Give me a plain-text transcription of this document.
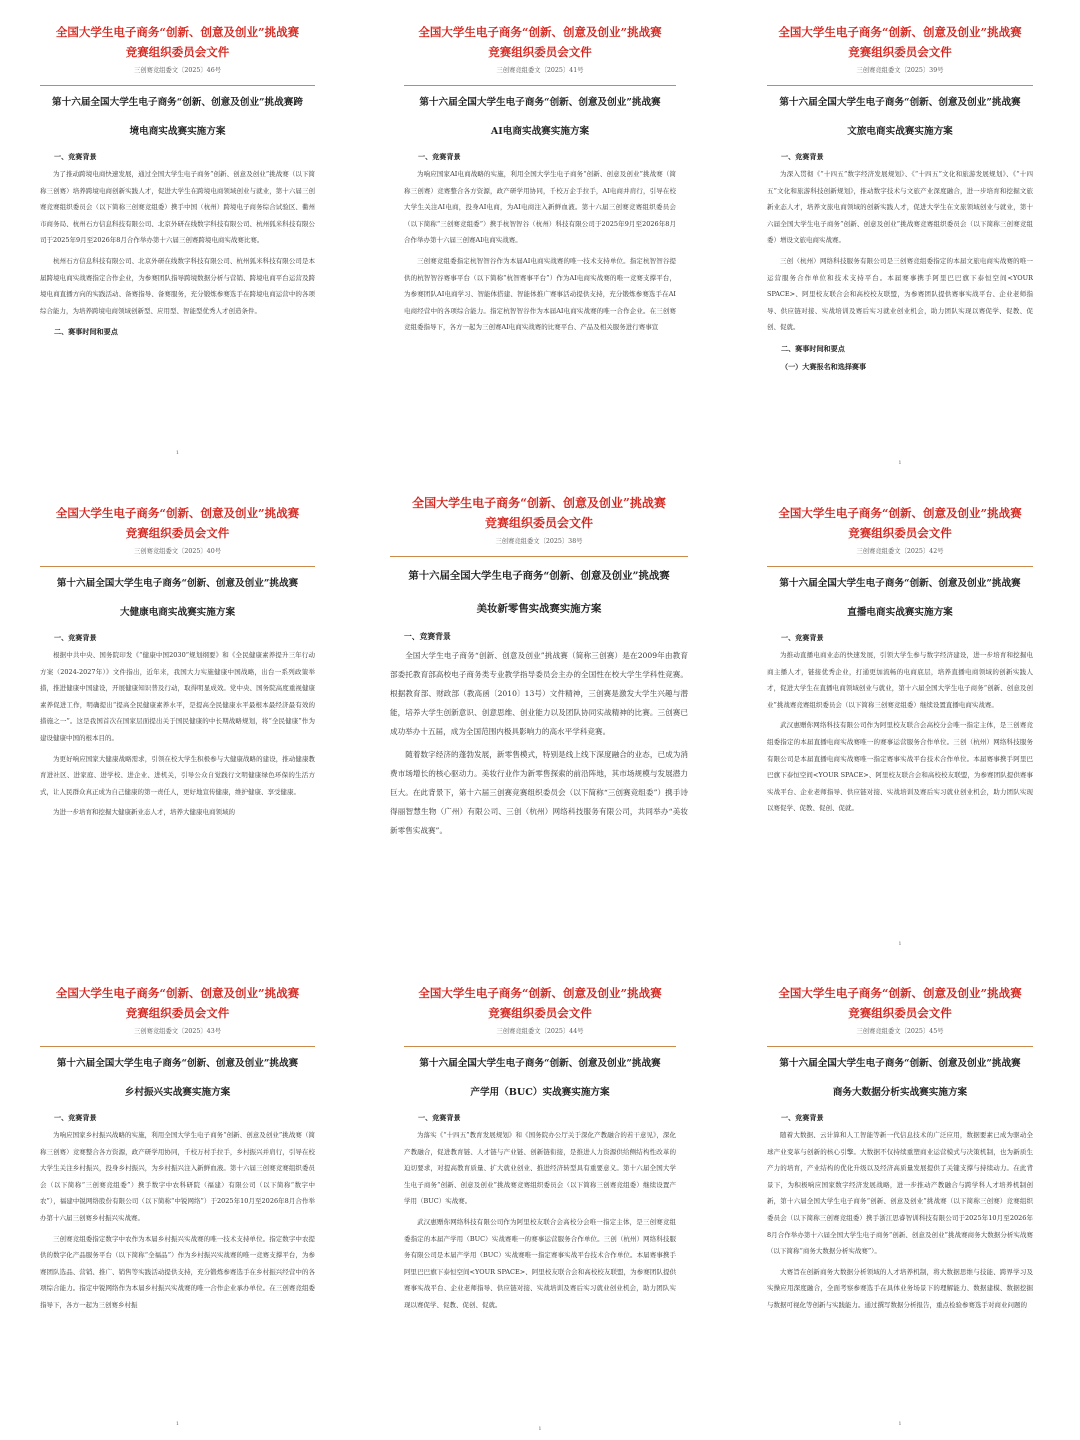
全国大学生电子商务“创新、创意及创业”挑战赛
竞赛组织委员会文件
三创赛竞组委文〔2025〕46号
第十六届全国大学生电子商务“创新、创意及创业”挑战赛跨
境电商实战赛实施方案
一、竞赛背景
为了推动跨境电商快速发展，通过全国大学生电子商务“创新、创意及创业”挑战赛（以下简称三创赛）培养跨境电商创新实践人才，促进大学生在跨境电商领域创业与就业，第十六届三创赛竞赛组织委员会（以下简称三创赛竞组委）携手中国（杭州）跨境电子商务综合试验区、衢州市商务局、杭州石方信息科技有限公司、北京外研在线数字科技有限公司、杭州狐米科技有限公司于2025年9月至2026年8月合作举办第十六届三创赛跨境电商实战赛比赛。
杭州石方信息科技有限公司、北京外研在线数字科技有限公司、杭州狐米科技有限公司是本届跨境电商实战赛指定合作企业，为参赛团队指导跨境数据分析与营销、跨境电商平台运营及跨境电商直播方向的实践活动、备赛指导、备赛服务，充分锻炼参赛选手在跨境电商运营中的各项综合能力，为培养跨境电商领域创新型、应用型、智能型优秀人才创造条件。
二、赛事时间和要点
1
全国大学生电子商务“创新、创意及创业”挑战赛
竞赛组织委员会文件
三创赛竞组委文〔2025〕41号
第十六届全国大学生电子商务“创新、创意及创业”挑战赛
AI电商实战赛实施方案
一、竞赛背景
为响应国家AI电商战略的实施，利用全国大学生电子商务“创新、创意及创业”挑战赛（简称三创赛）竞赛整合各方资源，政产研学用协同，千校万企手拉手，AI电商并肩行，引导在校大学生关注AI电商，投身AI电商，为AI电商注入新鲜血液。第十六届三创赛竞赛组织委员会（以下简称“三创赛竞组委”）携手杭智智谷（杭州）科技有限公司于2025年9月至2026年8月合作举办第十六届三创赛AI电商实战赛。
三创赛竞组委指定杭智智谷作为本届AI电商实战赛的唯一技术支持单位。指定杭智智谷提供的杭智智谷赛事平台（以下简称“杭智赛事平台”）作为AI电商实战赛的唯一竞赛支撑平台，为参赛团队AI电商学习、智能体搭建、智能体推广赛事活动提供支持，充分锻炼参赛选手在AI电商经营中的各项综合能力。指定杭智智谷作为本届AI电商实战赛的唯一合作企业。在三创赛竞组委指导下，各方一起为三创赛AI电商实战赛的比赛平台、产品及相关服务进行赛事宣
全国大学生电子商务“创新、创意及创业”挑战赛
竞赛组织委员会文件
三创赛竞组委文〔2025〕39号
第十六届全国大学生电子商务“创新、创意及创业”挑战赛
文旅电商实战赛实施方案
一、竞赛背景
为深入贯彻《“十四五”数字经济发展规划》、《“十四五”文化和旅游发展规划》、《“十四五”文化和旅游科技创新规划》，推动数字技术与文旅产业深度融合，进一步培育和挖掘文旅新业态人才，培养文旅电商领域的创新实践人才，促进大学生在文旅领域创业与就业，第十六届全国大学生电子商务“创新、创意及创业”挑战赛竞赛组织委员会（以下简称三创赛竞组委）增设文旅电商实战赛。
三创（杭州）网络科技服务有限公司是三创赛竞组委指定的本届文旅电商实战赛的唯一运营服务合作单位和技术支持平台。本届赛事携手阿里巴巴旗下泰恒空间<YOUR SPACE>、阿里校友联合会和高校校友联盟，为参赛团队提供赛事实战平台、企业老师指导、供应链对接、实战培训及赛后实习就业创业机会，助力团队实现以赛促学、促教、促创、促就。
二、赛事时间和要点
（一）大赛报名和选择赛事
1
全国大学生电子商务“创新、创意及创业”挑战赛
竞赛组织委员会文件
三创赛竞组委文〔2025〕40号
第十六届全国大学生电子商务“创新、创意及创业”挑战赛
大健康电商实战赛实施方案
一、竞赛背景
根据中共中央、国务院印发《“健康中国2030”规划纲要》和《全民健康素养提升三年行动方案（2024-2027年）》文件指出，近年来，我国大力实施健康中国战略，出台一系列政策举措，推进健康中国建设，开展健康知识普及行动，取得明显成效。党中央、国务院高度重视健康素养促进工作，明确提出“提高全民健康素养水平，是提高全民健康水平最根本最经济最有效的措施之一”。这是我国首次在国家层面提出关于国民健康的中长期战略规划，将“全民健康”作为建设健康中国的根本目的。
为更好响应国家大健康战略需求，引领在校大学生积极参与大健康战略的建设，推动健康教育进社区、进家庭、进学校、进企业、进机关，引导公众自觉践行文明健康绿色环保的生活方式，让人民群众真正成为自己健康的第一责任人，更好地宣传健康，维护健康、享受健康。
为进一步培育和挖掘大健康新业态人才，培养大健康电商领域的
全国大学生电子商务“创新、创意及创业”挑战赛
竞赛组织委员会文件
三创赛竞组委文〔2025〕38号
第十六届全国大学生电子商务“创新、创意及创业”挑战赛
美妆新零售实战赛实施方案
一、竞赛背景
全国大学生电子商务“创新、创意及创业”挑战赛（简称三创赛）是在2009年由教育部委托教育部高校电子商务类专业教学指导委员会主办的全国性在校大学生学科性竞赛。根据教育部、财政部（教高函〔2010〕13号）文件精神，三创赛是激发大学生兴趣与潜能，培养大学生创新意识、创意思维、创业能力以及团队协同实战精神的比赛。三创赛已成功举办十五届，成为全国范围内极具影响力的高水平学科竞赛。
随着数字经济的蓬勃发展，新零售模式，特别是线上线下深度融合的业态，已成为消费市场增长的核心驱动力。美妆行业作为新零售探索的前沿阵地，其市场规模与发展潜力巨大。在此背景下，第十六届三创赛竞赛组织委员会（以下简称“三创赛竞组委”）携手诗得丽智慧生物（广州）有限公司、三创（杭州）网络科技服务有限公司，共同举办“美妆新零售实战赛”。
全国大学生电子商务“创新、创意及创业”挑战赛
竞赛组织委员会文件
三创赛竞组委文〔2025〕42号
第十六届全国大学生电子商务“创新、创意及创业”挑战赛
直播电商实战赛实施方案
一、竞赛背景
为推动直播电商业态的快速发展，引领大学生参与数字经济建设，进一步培育和挖掘电商主播人才，链接优秀企业，打通更加流畅的电商底层，培养直播电商领域的创新实践人才，促进大学生在直播电商领域创业与就业，第十六届全国大学生电子商务“创新、创意及创业”挑战赛竞赛组织委员会（以下简称三创赛竞组委）继续设置直播电商实战赛。
武汉惠赠你网络科技有限公司作为阿里校友联合会高校分会唯一指定主体，是三创赛竞组委指定的本届直播电商实战赛唯一的赛事运营服务合作单位。三创（杭州）网络科技服务有限公司是本届直播电商实战赛唯一指定赛事实战平台技术合作单位。本届赛事携手阿里巴巴旗下泰恒空间<YOUR SPACE>、阿里校友联合会和高校校友联盟，为参赛团队提供赛事实战平台、企业老师指导、供应链对接、实战培训及赛后实习就业创业机会，助力团队实现以赛促学、促教、促创、促就。
1
全国大学生电子商务“创新、创意及创业”挑战赛
竞赛组织委员会文件
三创赛竞组委文〔2025〕43号
第十六届全国大学生电子商务“创新、创意及创业”挑战赛
乡村振兴实战赛实施方案
一、竞赛背景
为响应国家乡村振兴战略的实施，利用全国大学生电子商务“创新、创意及创业”挑战赛（简称三创赛）竞赛整合各方资源，政产研学用协同，千校万村手拉手，乡村振兴并肩行，引导在校大学生关注乡村振兴，投身乡村振兴，为乡村振兴注入新鲜血液。第十六届三创赛竞赛组织委员会（以下简称“三创赛竞组委”）携手数字中农科研院（福建）有限公司（以下简称“数字中农”），福建中锐网络股份有限公司（以下简称“中锐网络”）于2025年10月至2026年8月合作举办第十六届三创赛乡村振兴实战赛。
三创赛竞组委指定数字中农作为本届乡村振兴实战赛的唯一技术支持单位。指定数字中农提供的数字化产品服务平台（以下简称“全福品”）作为乡村振兴实战赛的唯一竞赛支撑平台，为参赛团队选品、营销、推广、销售等实践活动提供支持，充分锻炼参赛选手在乡村振兴经营中的各项综合能力。指定中锐网络作为本届乡村振兴实战赛的唯一合作企业承办单位。在三创赛竞组委指导下，各方一起为三创赛乡村振
1
全国大学生电子商务“创新、创意及创业”挑战赛
竞赛组织委员会文件
三创赛竞组委文〔2025〕44号
第十六届全国大学生电子商务“创新、创意及创业”挑战赛
产学用（BUC）实战赛实施方案
一、竞赛背景
为落实《“十四五”教育发展规划》和《国务院办公厅关于深化产教融合的若干意见》，深化产教融合，促进教育链、人才链与产业链、创新链衔接，是推进人力资源供给侧结构性改革的迫切要求，对提高教育质量、扩大就业创业、推进经济转型具有重要意义。第十六届全国大学生电子商务“创新、创意及创业”挑战赛竞赛组织委员会（以下简称三创赛竞组委）继续设置产学用（BUC）实战赛。
武汉惠赠你网络科技有限公司作为阿里校友联合会高校分会唯一指定主体，是三创赛竞组委指定的本届产学用（BUC）实战赛唯一的赛事运营服务合作单位。三创（杭州）网络科技服务有限公司是本届产学用（BUC）实战赛唯一指定赛事实战平台技术合作单位。本届赛事携手阿里巴巴旗下泰恒空间<YOUR SPACE>、阿里校友联合会和高校校友联盟，为参赛团队提供赛事实战平台、企业老师指导、供应链对接、实战培训及赛后实习就业创业机会，助力团队实现以赛促学、促教、促创、促就。
1
全国大学生电子商务“创新、创意及创业”挑战赛
竞赛组织委员会文件
三创赛竞组委文〔2025〕45号
第十六届全国大学生电子商务“创新、创意及创业”挑战赛
商务大数据分析实战赛实施方案
一、竞赛背景
随着大数据、云计算和人工智能等新一代信息技术的广泛应用，数据要素已成为驱动全球产业变革与创新的核心引擎。大数据不仅持续重塑商业运营模式与决策机制，也为新质生产力的培育，产业结构的优化升级以及经济高质量发展提供了关键支撑与持续动力。在此背景下，为积极响应国家数字经济发展战略，进一步推动产教融合与跨学科人才培养机制创新，第十六届全国大学生电子商务“创新、创意及创业”挑战赛（以下简称三创赛）竞赛组织委员会（以下简称三创赛竞组委）携手浙江思睿智训科技有限公司于2025年10月至2026年8月合作举办第十六届全国大学生电子商务“创新、创意及创业”挑战赛商务大数据分析实战赛（以下简称“商务大数据分析实战赛”）。
大赛旨在创新商务大数据分析领域的人才培养机制，将大数据思维与技能、跨界学习及实操应用深度融合，全面考察参赛选手在具体业务场景下的理解能力、数据建模、数据挖掘与数据可视化等创新与实践能力。通过撰写数据分析报告，重点检验参赛选手对商业问题的
1
